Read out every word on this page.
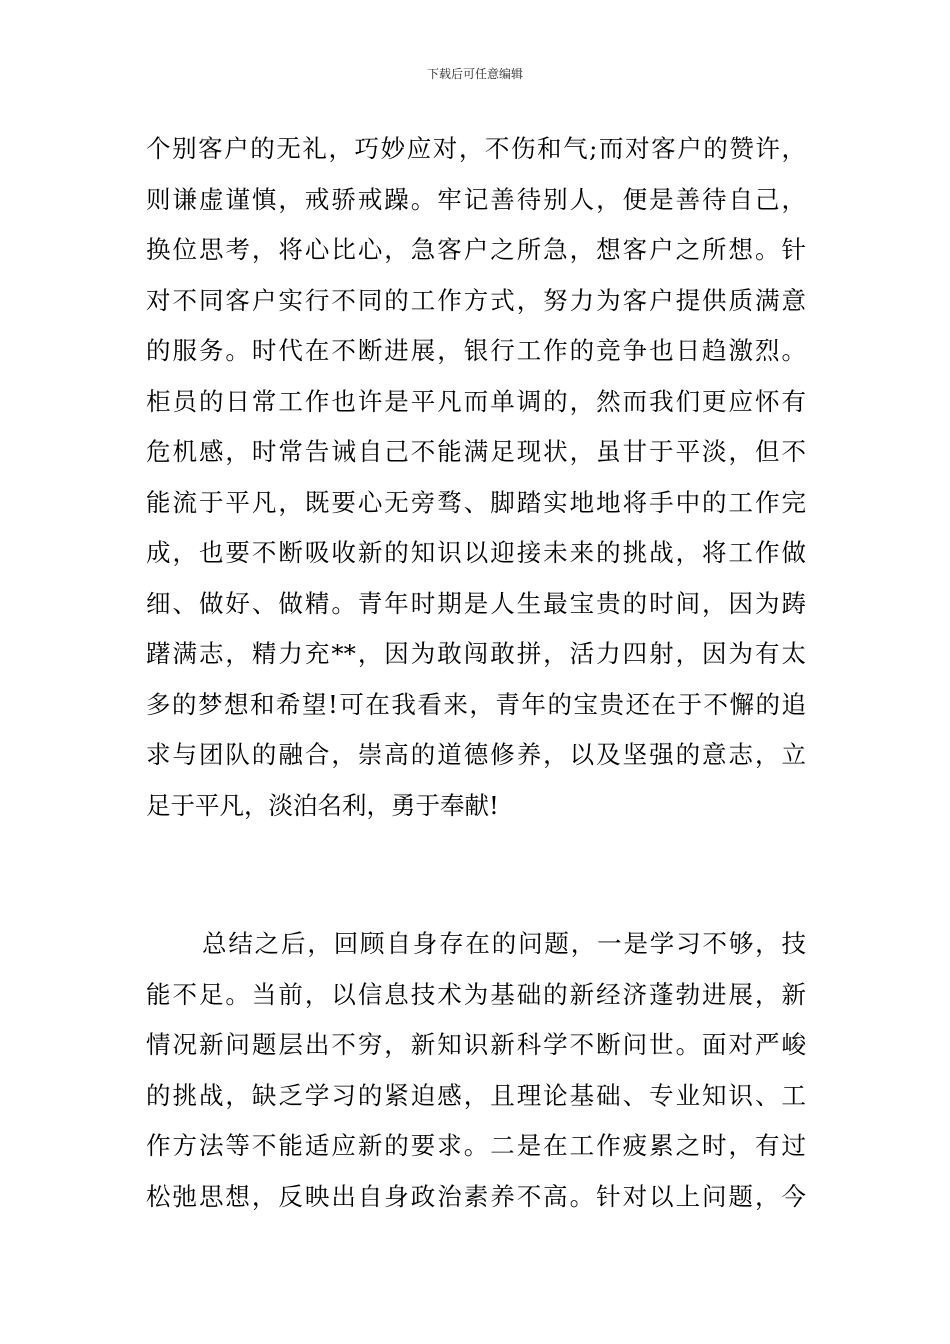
下载后可任意编辑
个别客户的无礼，巧妙应对，不伤和气;而对客户的赞许，
则谦虚谨慎，戒骄戒躁。牢记善待别人，便是善待自己，
换位思考，将心比心，急客户之所急，想客户之所想。针
对不同客户实行不同的工作方式，努力为客户提供质满意
的服务。时代在不断进展，银行工作的竞争也日趋激烈。
柜员的日常工作也许是平凡而单调的，然而我们更应怀有
危机感，时常告诫自己不能满足现状，虽甘于平淡，但不
能流于平凡，既要心无旁骛、脚踏实地地将手中的工作完
成，也要不断吸收新的知识以迎接未来的挑战，将工作做
细、做好、做精。青年时期是人生最宝贵的时间，因为踌
躇满志，精力充**，因为敢闯敢拼，活力四射，因为有太
多的梦想和希望!可在我看来，青年的宝贵还在于不懈的追
求与团队的融合，崇高的道德修养，以及坚强的意志，立
足于平凡，淡泊名利，勇于奉献!
总结之后，回顾自身存在的问题，一是学习不够，技
能不足。当前，以信息技术为基础的新经济蓬勃进展，新
情况新问题层出不穷，新知识新科学不断问世。面对严峻
的挑战，缺乏学习的紧迫感，且理论基础、专业知识、工
作方法等不能适应新的要求。二是在工作疲累之时，有过
松弛思想，反映出自身政治素养不高。针对以上问题，今
